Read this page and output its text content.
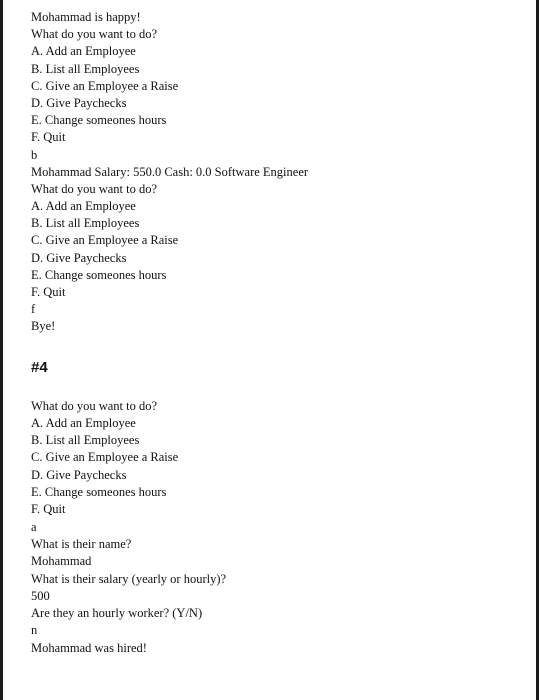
Mohammad is happy!
What do you want to do?
A. Add an Employee
B. List all Employees
C. Give an Employee a Raise
D. Give Paychecks
E. Change someones hours
F. Quit
b
Mohammad Salary: 550.0 Cash: 0.0 Software Engineer
What do you want to do?
A. Add an Employee
B. List all Employees
C. Give an Employee a Raise
D. Give Paychecks
E. Change someones hours
F. Quit
f
Bye!
#4
What do you want to do?
A. Add an Employee
B. List all Employees
C. Give an Employee a Raise
D. Give Paychecks
E. Change someones hours
F. Quit
a
What is their name?
Mohammad
What is their salary (yearly or hourly)?
500
Are they an hourly worker? (Y/N)
n
Mohammad was hired!
